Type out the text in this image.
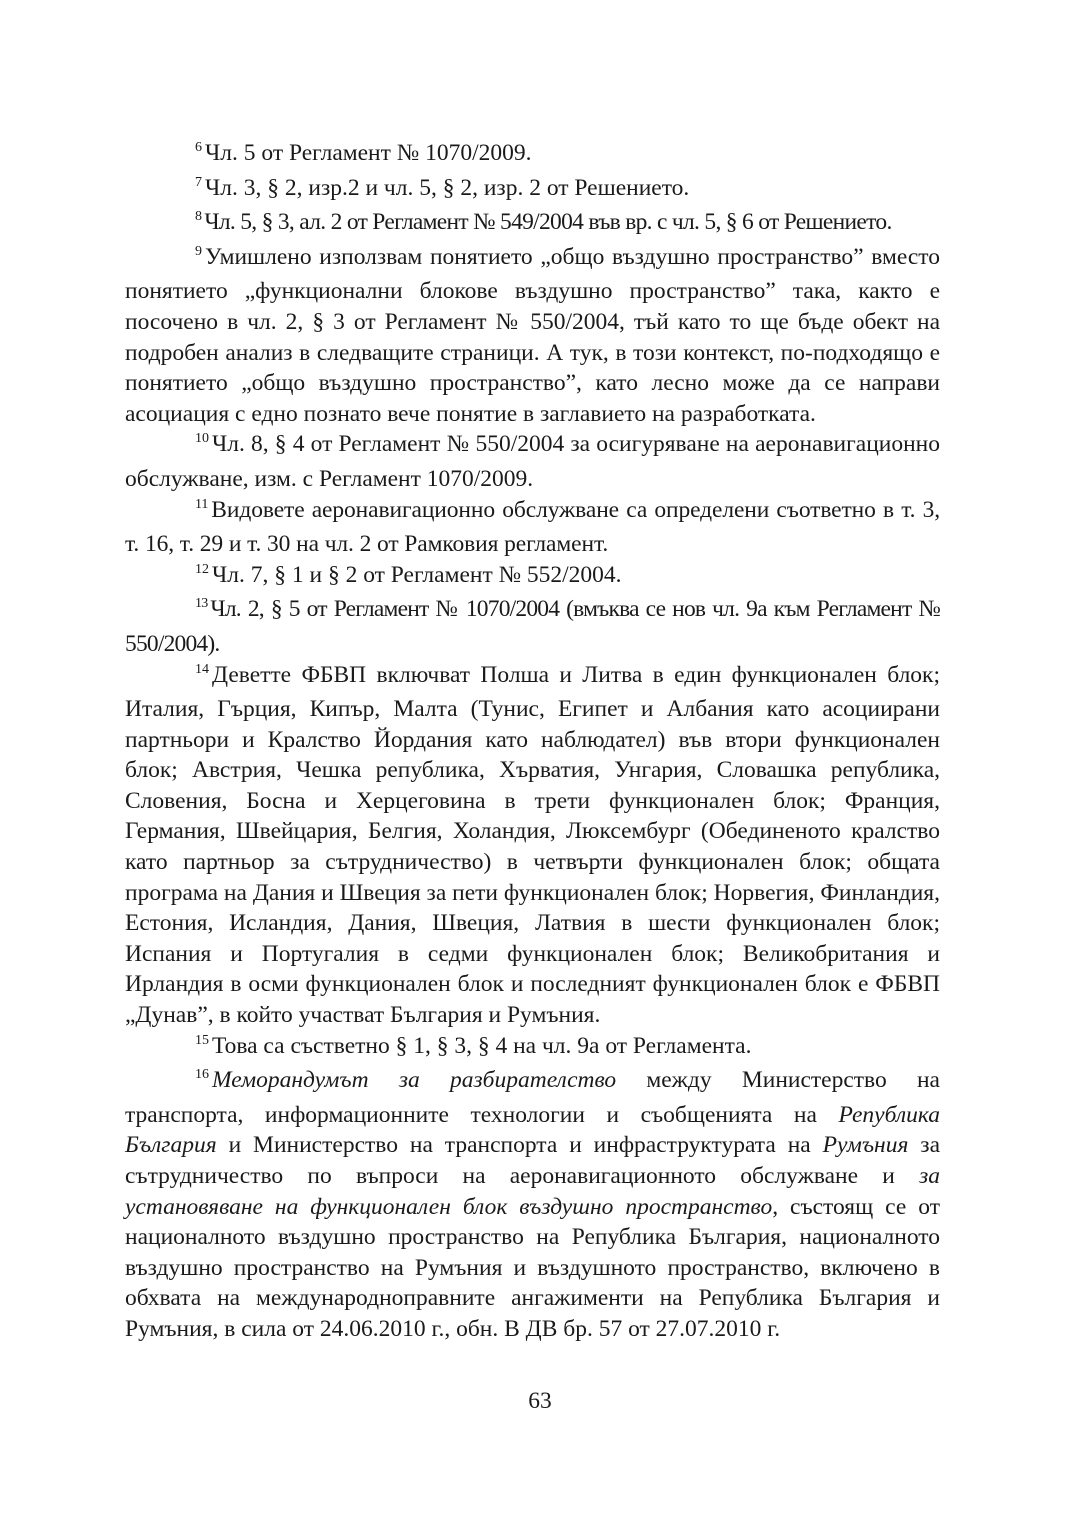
$^6$ Чл. 5 от Регламент № 1070/2009.

$^7$ Чл. 3, § 2, изр.2 и чл. 5, § 2, изр. 2 от Решението.

$^8$ Чл. 5, § 3, ал. 2 от Регламент № 549/2004 във вр. с чл. 5, § 6 от Решението.

$^9$ Умишлено използвам понятието „общо въздушно пространство” вместо понятието „функционални блокове въздушно пространство” така, както е посочено в чл. 2, § 3 от Регламент № 550/2004, тъй като то ще бъде обект на подробен анализ в следващите страници. А тук, в този контекст, по-подходящо е понятието „общо въздушно пространство”, като лесно може да се направи асоциация с едно познато вече понятие в заглавието на разработката.

$^{10}$ Чл. 8, § 4 от Регламент № 550/2004 за осигуряване на аеронавигационно обслужване, изм. с Регламент 1070/2009.

$^{11}$ Видовете аеронавигационно обслужване са определени съответно в т. 3, т. 16, т. 29 и т. 30 на чл. 2 от Рамковия регламент.

$^{12}$ Чл. 7, § 1 и § 2 от Регламент № 552/2004.

$^{13}$ Чл. 2, § 5 от Регламент № 1070/2004 (вмъква се нов чл. 9а към Регламент № 550/2004).

$^{14}$ Деветте ФБВП включват Полша и Литва в един функционален блок; Италия, Гърция, Кипър, Малта (Тунис, Египет и Албания като асоциирани партньори и Кралство Йордания като наблюдател) във втори функционален блок; Австрия, Чешка република, Хърватия, Унгария, Словашка република, Словения, Босна и Херцеговина в трети функционален блок; Франция, Германия, Швейцария, Белгия, Холандия, Люксембург (Обединеното кралство като партньор за сътрудничество) в четвърти функционален блок; общата програма на Дания и Швеция за пети функционален блок; Норвегия, Финландия, Естония, Исландия, Дания, Швеция, Латвия в шести функционален блок; Испания и Португалия в седми функционален блок; Великобритания и Ирландия в осми функционален блок и последният функционален блок е ФБВП „Дунав”, в който участват България и Румъния.

$^{15}$ Това са състветно § 1, § 3, § 4 на чл. 9а от Регламента.

$^{16}$ Меморандумът за разбирателство между Министерство на транспорта, информационните технологии и съобщенията на Република България и Министерство на транспорта и инфраструктурата на Румъния за сътрудничество по въпроси на аеронавигационното обслужване и за установяване на функционален блок въздушно пространство, състоящ се от националното въздушно пространство на Република България, националното въздушно пространство на Румъния и въздушното пространство, включено в обхвата на международноправните ангажименти на Република България и Румъния, в сила от 24.06.2010 г., обн. В ДВ бр. 57 от 27.07.2010 г.

63
